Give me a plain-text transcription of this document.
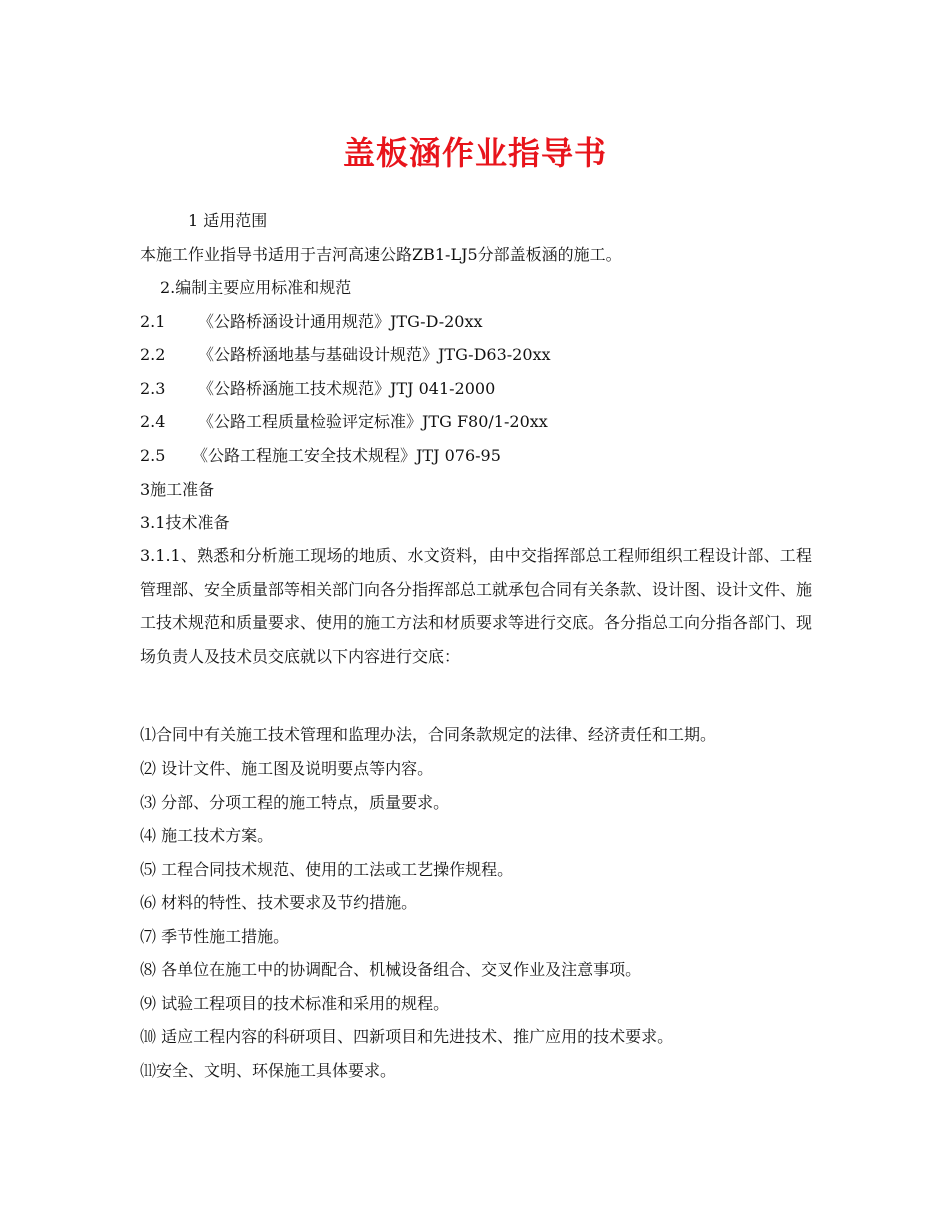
盖板涵作业指导书
1 适用范围
本施工作业指导书适用于吉河高速公路ZB1-LJ5分部盖板涵的施工。
2.编制主要应用标准和规范
2.1 《公路桥涵设计通用规范》JTG-D-20xx
2.2 《公路桥涵地基与基础设计规范》JTG-D63-20xx
2.3 《公路桥涵施工技术规范》JTJ 041-2000
2.4 《公路工程质量检验评定标准》JTG F80/1-20xx
2.5 《公路工程施工安全技术规程》JTJ 076-95
3施工准备
3.1技术准备
3.1.1、熟悉和分析施工现场的地质、水文资料，由中交指挥部总工程师组织工程设计部、工程管理部、安全质量部等相关部门向各分指挥部总工就承包合同有关条款、设计图、设计文件、施工技术规范和质量要求、使用的施工方法和材质要求等进行交底。各分指总工向分指各部门、现场负责人及技术员交底就以下内容进行交底：
⑴合同中有关施工技术管理和监理办法，合同条款规定的法律、经济责任和工期。
⑵ 设计文件、施工图及说明要点等内容。
⑶ 分部、分项工程的施工特点，质量要求。
⑷ 施工技术方案。
⑸ 工程合同技术规范、使用的工法或工艺操作规程。
⑹ 材料的特性、技术要求及节约措施。
⑺ 季节性施工措施。
⑻ 各单位在施工中的协调配合、机械设备组合、交叉作业及注意事项。
⑼ 试验工程项目的技术标准和采用的规程。
⑽ 适应工程内容的科研项目、四新项目和先进技术、推广应用的技术要求。
⑾安全、文明、环保施工具体要求。
